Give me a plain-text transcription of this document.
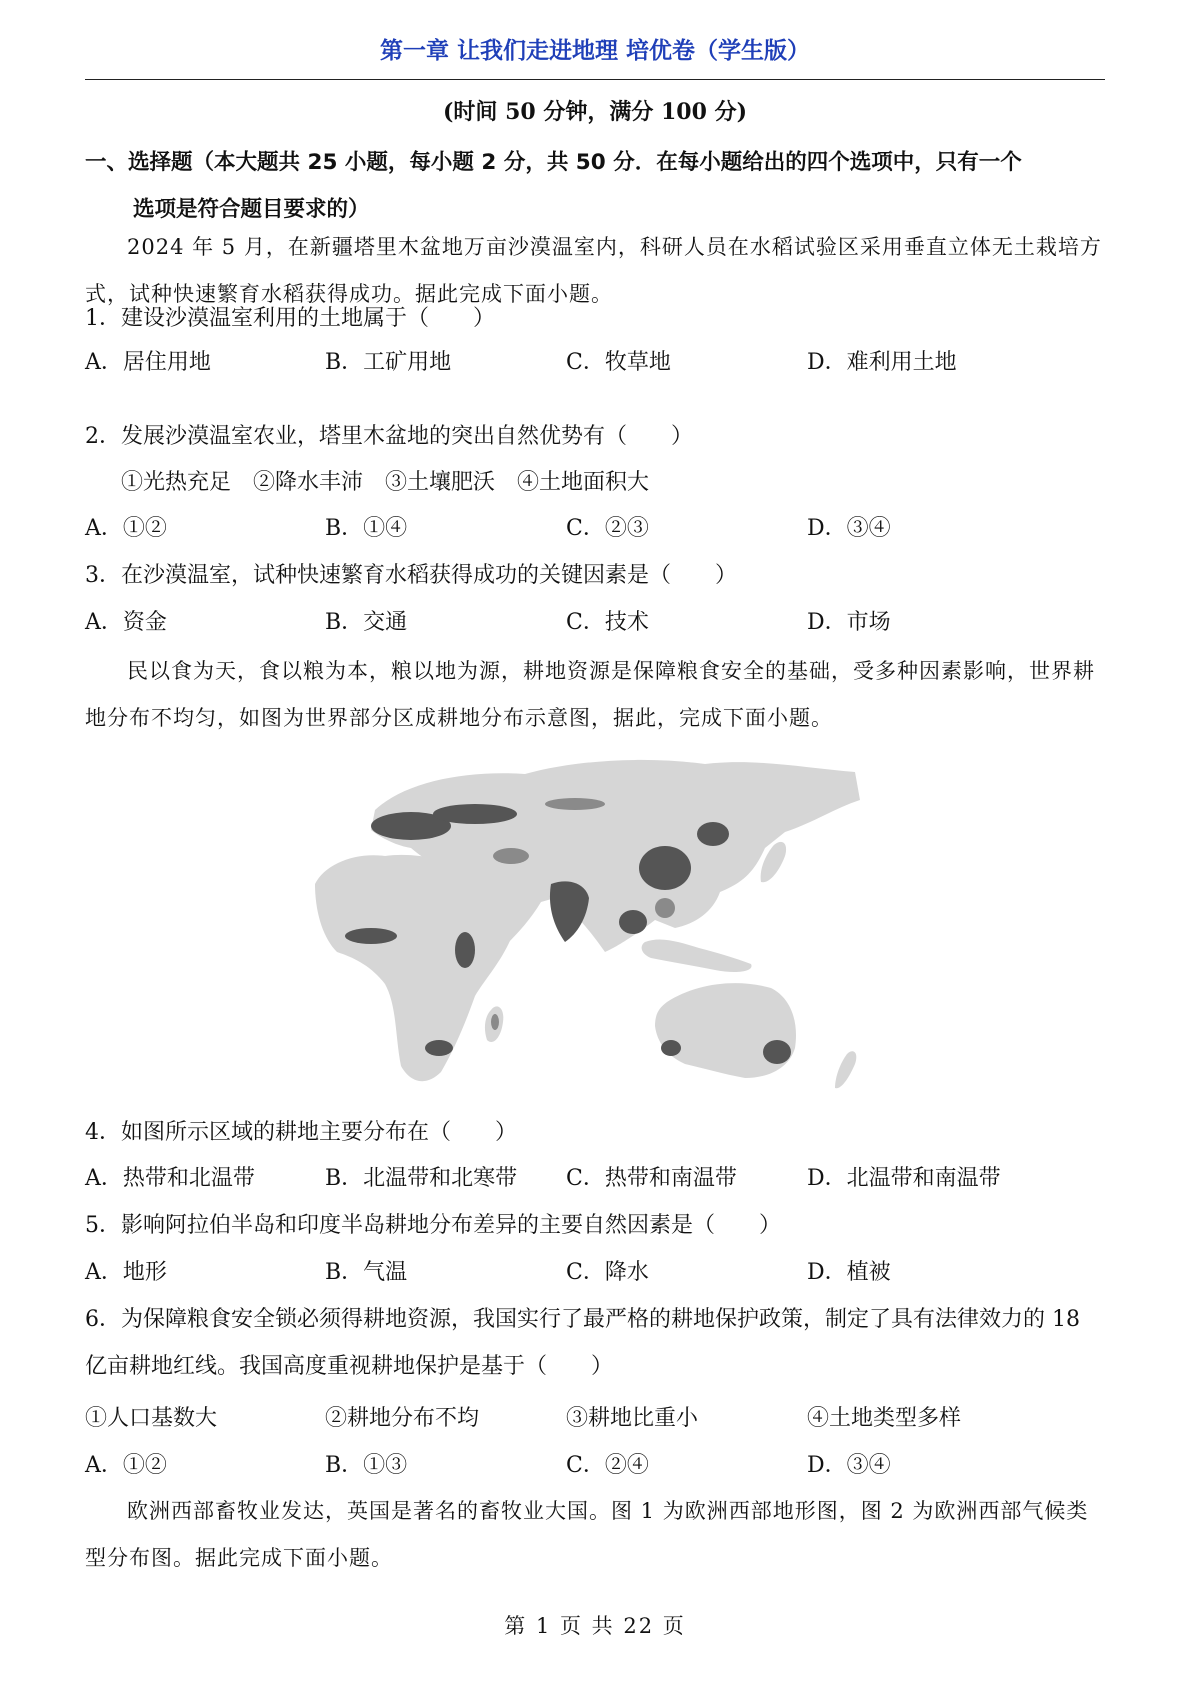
第一章 让我们走进地理 培优卷（学生版）
(时间 50 分钟，满分 100 分)
一、选择题（本大题共 25 小题，每小题 2 分，共 50 分．在每小题给出的四个选项中，只有一个
选项是符合题目要求的）
2024 年 5 月，在新疆塔里木盆地万亩沙漠温室内，科研人员在水稻试验区采用垂直立体无土栽培方式，试种快速繁育水稻获得成功。据此完成下面小题。
1．建设沙漠温室利用的土地属于（　　）
A．居住用地	B．工矿用地	C．牧草地	D．难利用土地
2．发展沙漠温室农业，塔里木盆地的突出自然优势有（　　）
①光热充足　②降水丰沛　③土壤肥沃　④土地面积大
A．①②	B．①④	C．②③	D．③④
3．在沙漠温室，试种快速繁育水稻获得成功的关键因素是（　　）
A．资金	B．交通	C．技术	D．市场
民以食为天，食以粮为本，粮以地为源，耕地资源是保障粮食安全的基础，受多种因素影响，世界耕地分布不均匀，如图为世界部分区成耕地分布示意图，据此，完成下面小题。
4．如图所示区域的耕地主要分布在（　　）
A．热带和北温带	B．北温带和北寒带 C．热带和南温带	D．北温带和南温带
5．影响阿拉伯半岛和印度半岛耕地分布差异的主要自然因素是（　　）
A．地形	B．气温	C．降水	D．植被
6．为保障粮食安全锁必须得耕地资源，我国实行了最严格的耕地保护政策，制定了具有法律效力的 18 亿亩耕地红线。我国高度重视耕地保护是基于（　　）
①人口基数大	②耕地分布不均	③耕地比重小	④土地类型多样
A．①②	B．①③	C．②④	D．③④
欧洲西部畜牧业发达，英国是著名的畜牧业大国。图 1 为欧洲西部地形图，图 2 为欧洲西部气候类型分布图。据此完成下面小题。
第 1 页 共 22 页
